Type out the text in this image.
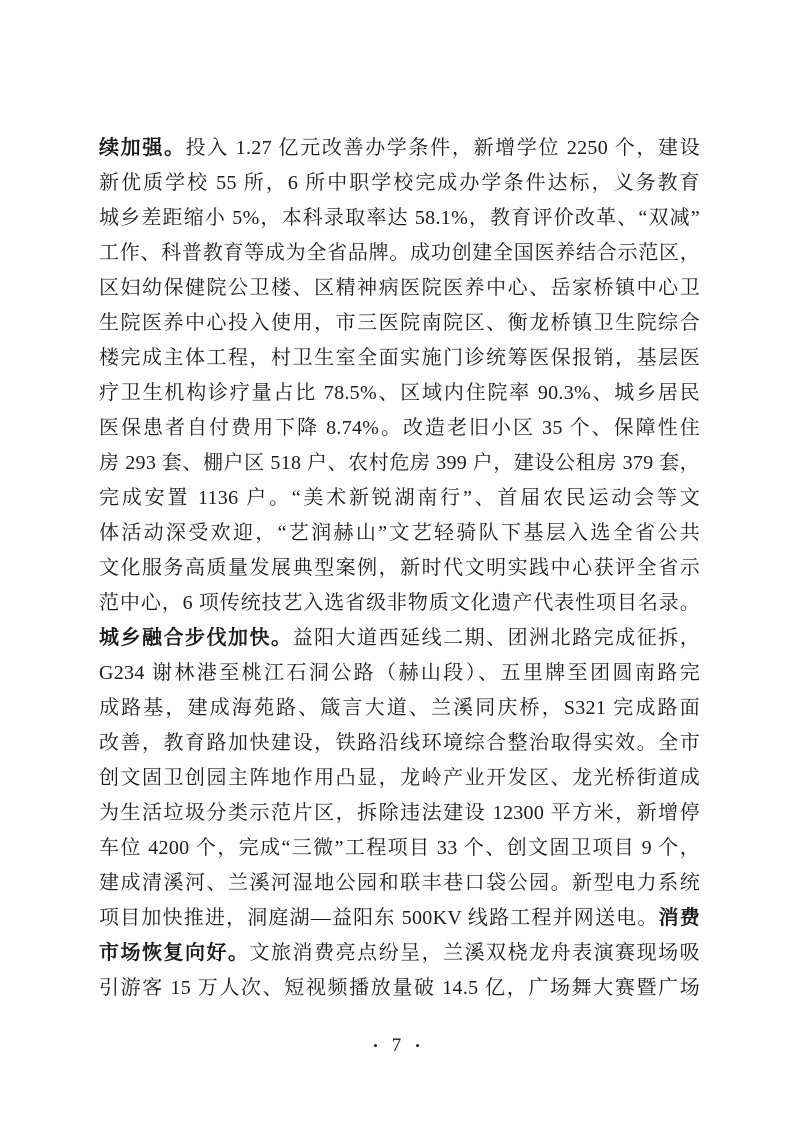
续加强。投入 1.27 亿元改善办学条件，新增学位 2250 个，建设
新优质学校 55 所，6 所中职学校完成办学条件达标，义务教育
城乡差距缩小 5%，本科录取率达 58.1%，教育评价改革、“双减”
工作、科普教育等成为全省品牌。成功创建全国医养结合示范区，
区妇幼保健院公卫楼、区精神病医院医养中心、岳家桥镇中心卫
生院医养中心投入使用，市三医院南院区、衡龙桥镇卫生院综合
楼完成主体工程，村卫生室全面实施门诊统筹医保报销，基层医
疗卫生机构诊疗量占比 78.5%、区域内住院率 90.3%、城乡居民
医保患者自付费用下降 8.74%。改造老旧小区 35 个、保障性住
房 293 套、棚户区 518 户、农村危房 399 户，建设公租房 379 套，
完成安置 1136 户。“美术新锐湖南行”、首届农民运动会等文
体活动深受欢迎，“艺润赫山”文艺轻骑队下基层入选全省公共
文化服务高质量发展典型案例，新时代文明实践中心获评全省示
范中心，6 项传统技艺入选省级非物质文化遗产代表性项目名录。
城乡融合步伐加快。益阳大道西延线二期、团洲北路完成征拆，
G234 谢林港至桃江石洞公路（赫山段）、五里牌至团圆南路完
成路基，建成海苑路、箴言大道、兰溪同庆桥，S321 完成路面
改善，教育路加快建设，铁路沿线环境综合整治取得实效。全市
创文固卫创园主阵地作用凸显，龙岭产业开发区、龙光桥街道成
为生活垃圾分类示范片区，拆除违法建设 12300 平方米，新增停
车位 4200 个，完成“三微”工程项目 33 个、创文固卫项目 9 个，
建成清溪河、兰溪河湿地公园和联丰巷口袋公园。新型电力系统
项目加快推进，洞庭湖—益阳东 500KV 线路工程并网送电。消费
市场恢复向好。文旅消费亮点纷呈，兰溪双桡龙舟表演赛现场吸
引游客 15 万人次、短视频播放量破 14.5 亿，广场舞大赛暨广场
• 7 •
